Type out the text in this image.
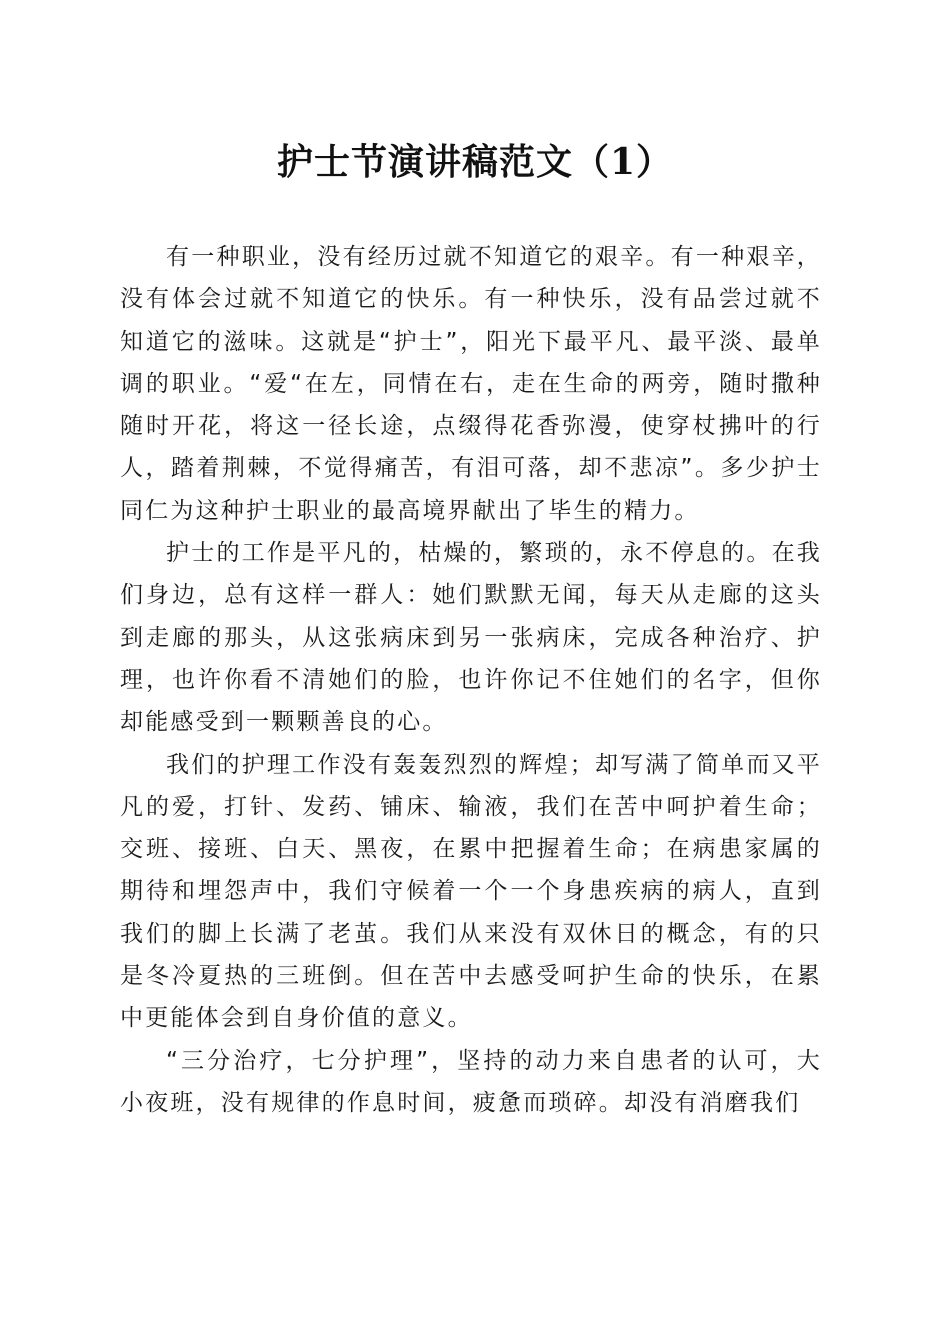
护士节演讲稿范文（1）

有一种职业，没有经历过就不知道它的艰辛。有一种艰辛，没有体会过就不知道它的快乐。有一种快乐，没有品尝过就不知道它的滋味。这就是“护士”，阳光下最平凡、最平淡、最单调的职业。“爱“在左，同情在右，走在生命的两旁，随时撒种随时开花，将这一径长途，点缀得花香弥漫，使穿杖拂叶的行人，踏着荆棘，不觉得痛苦，有泪可落，却不悲凉”。多少护士同仁为这种护士职业的最高境界献出了毕生的精力。

护士的工作是平凡的，枯燥的，繁琐的，永不停息的。在我们身边，总有这样一群人：她们默默无闻，每天从走廊的这头到走廊的那头，从这张病床到另一张病床，完成各种治疗、护理，也许你看不清她们的脸，也许你记不住她们的名字，但你却能感受到一颗颗善良的心。

我们的护理工作没有轰轰烈烈的辉煌；却写满了简单而又平凡的爱，打针、发药、铺床、输液，我们在苦中呵护着生命；交班、接班、白天、黑夜，在累中把握着生命；在病患家属的期待和埋怨声中，我们守候着一个一个身患疾病的病人，直到我们的脚上长满了老茧。我们从来没有双休日的概念，有的只是冬冷夏热的三班倒。但在苦中去感受呵护生命的快乐，在累中更能体会到自身价值的意义。

“三分治疗，七分护理”，坚持的动力来自患者的认可，大小夜班，没有规律的作息时间，疲惫而琐碎。却没有消磨我们
